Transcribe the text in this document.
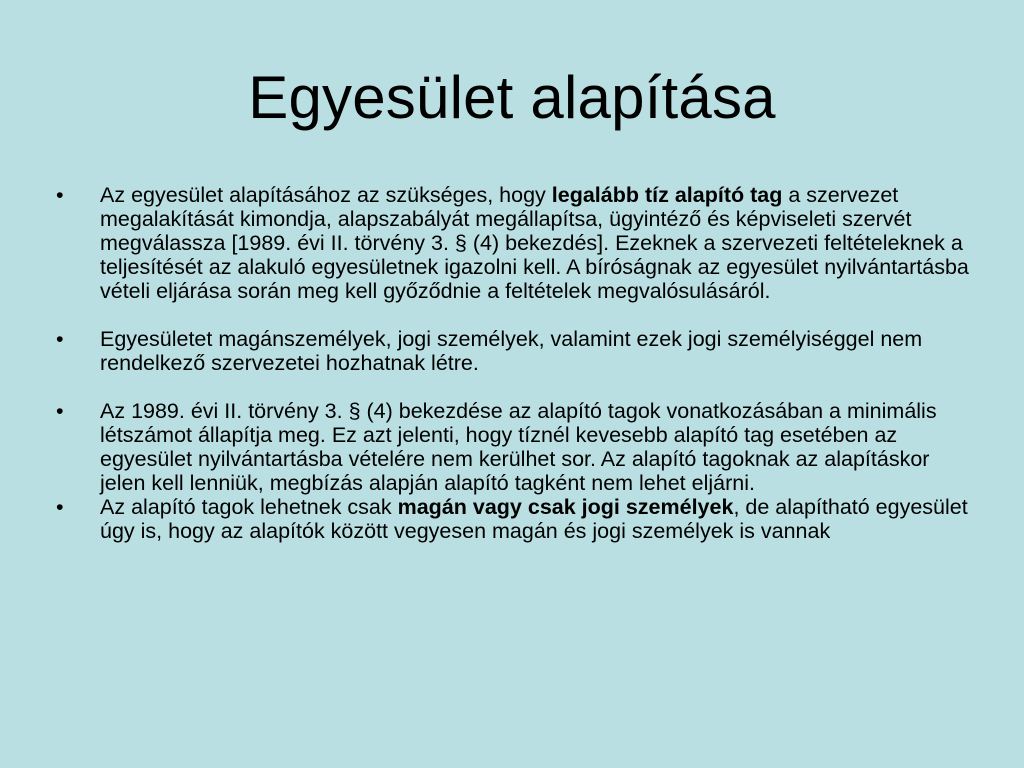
Egyesület alapítása
•	Az egyesület alapításához az szükséges, hogy legalább tíz alapító tag a szervezet megalakítását kimondja, alapszabályát megállapítsa, ügyintéző és képviseleti szervét megválassza [1989. évi II. törvény 3. § (4) bekezdés]. Ezeknek a szervezeti feltételeknek a teljesítését az alakuló egyesületnek igazolni kell. A bíróságnak az egyesület nyilvántartásba vételi eljárása során meg kell győződnie a feltételek megvalósulásáról.
•	Egyesületet magánszemélyek, jogi személyek, valamint ezek jogi személyiséggel nem rendelkező szervezetei hozhatnak létre.
•	Az 1989. évi II. törvény 3. § (4) bekezdése az alapító tagok vonatkozásában a minimális létszámot állapítja meg. Ez azt jelenti, hogy tíznél kevesebb alapító tag esetében az egyesület nyilvántartásba vételére nem kerülhet sor. Az alapító tagoknak az alapításkor jelen kell lenniük, megbízás alapján alapító tagként nem lehet eljárni.
•	Az alapító tagok lehetnek csak magán vagy csak jogi személyek, de alapítható egyesület úgy is, hogy az alapítók között vegyesen magán és jogi személyek is vannak
